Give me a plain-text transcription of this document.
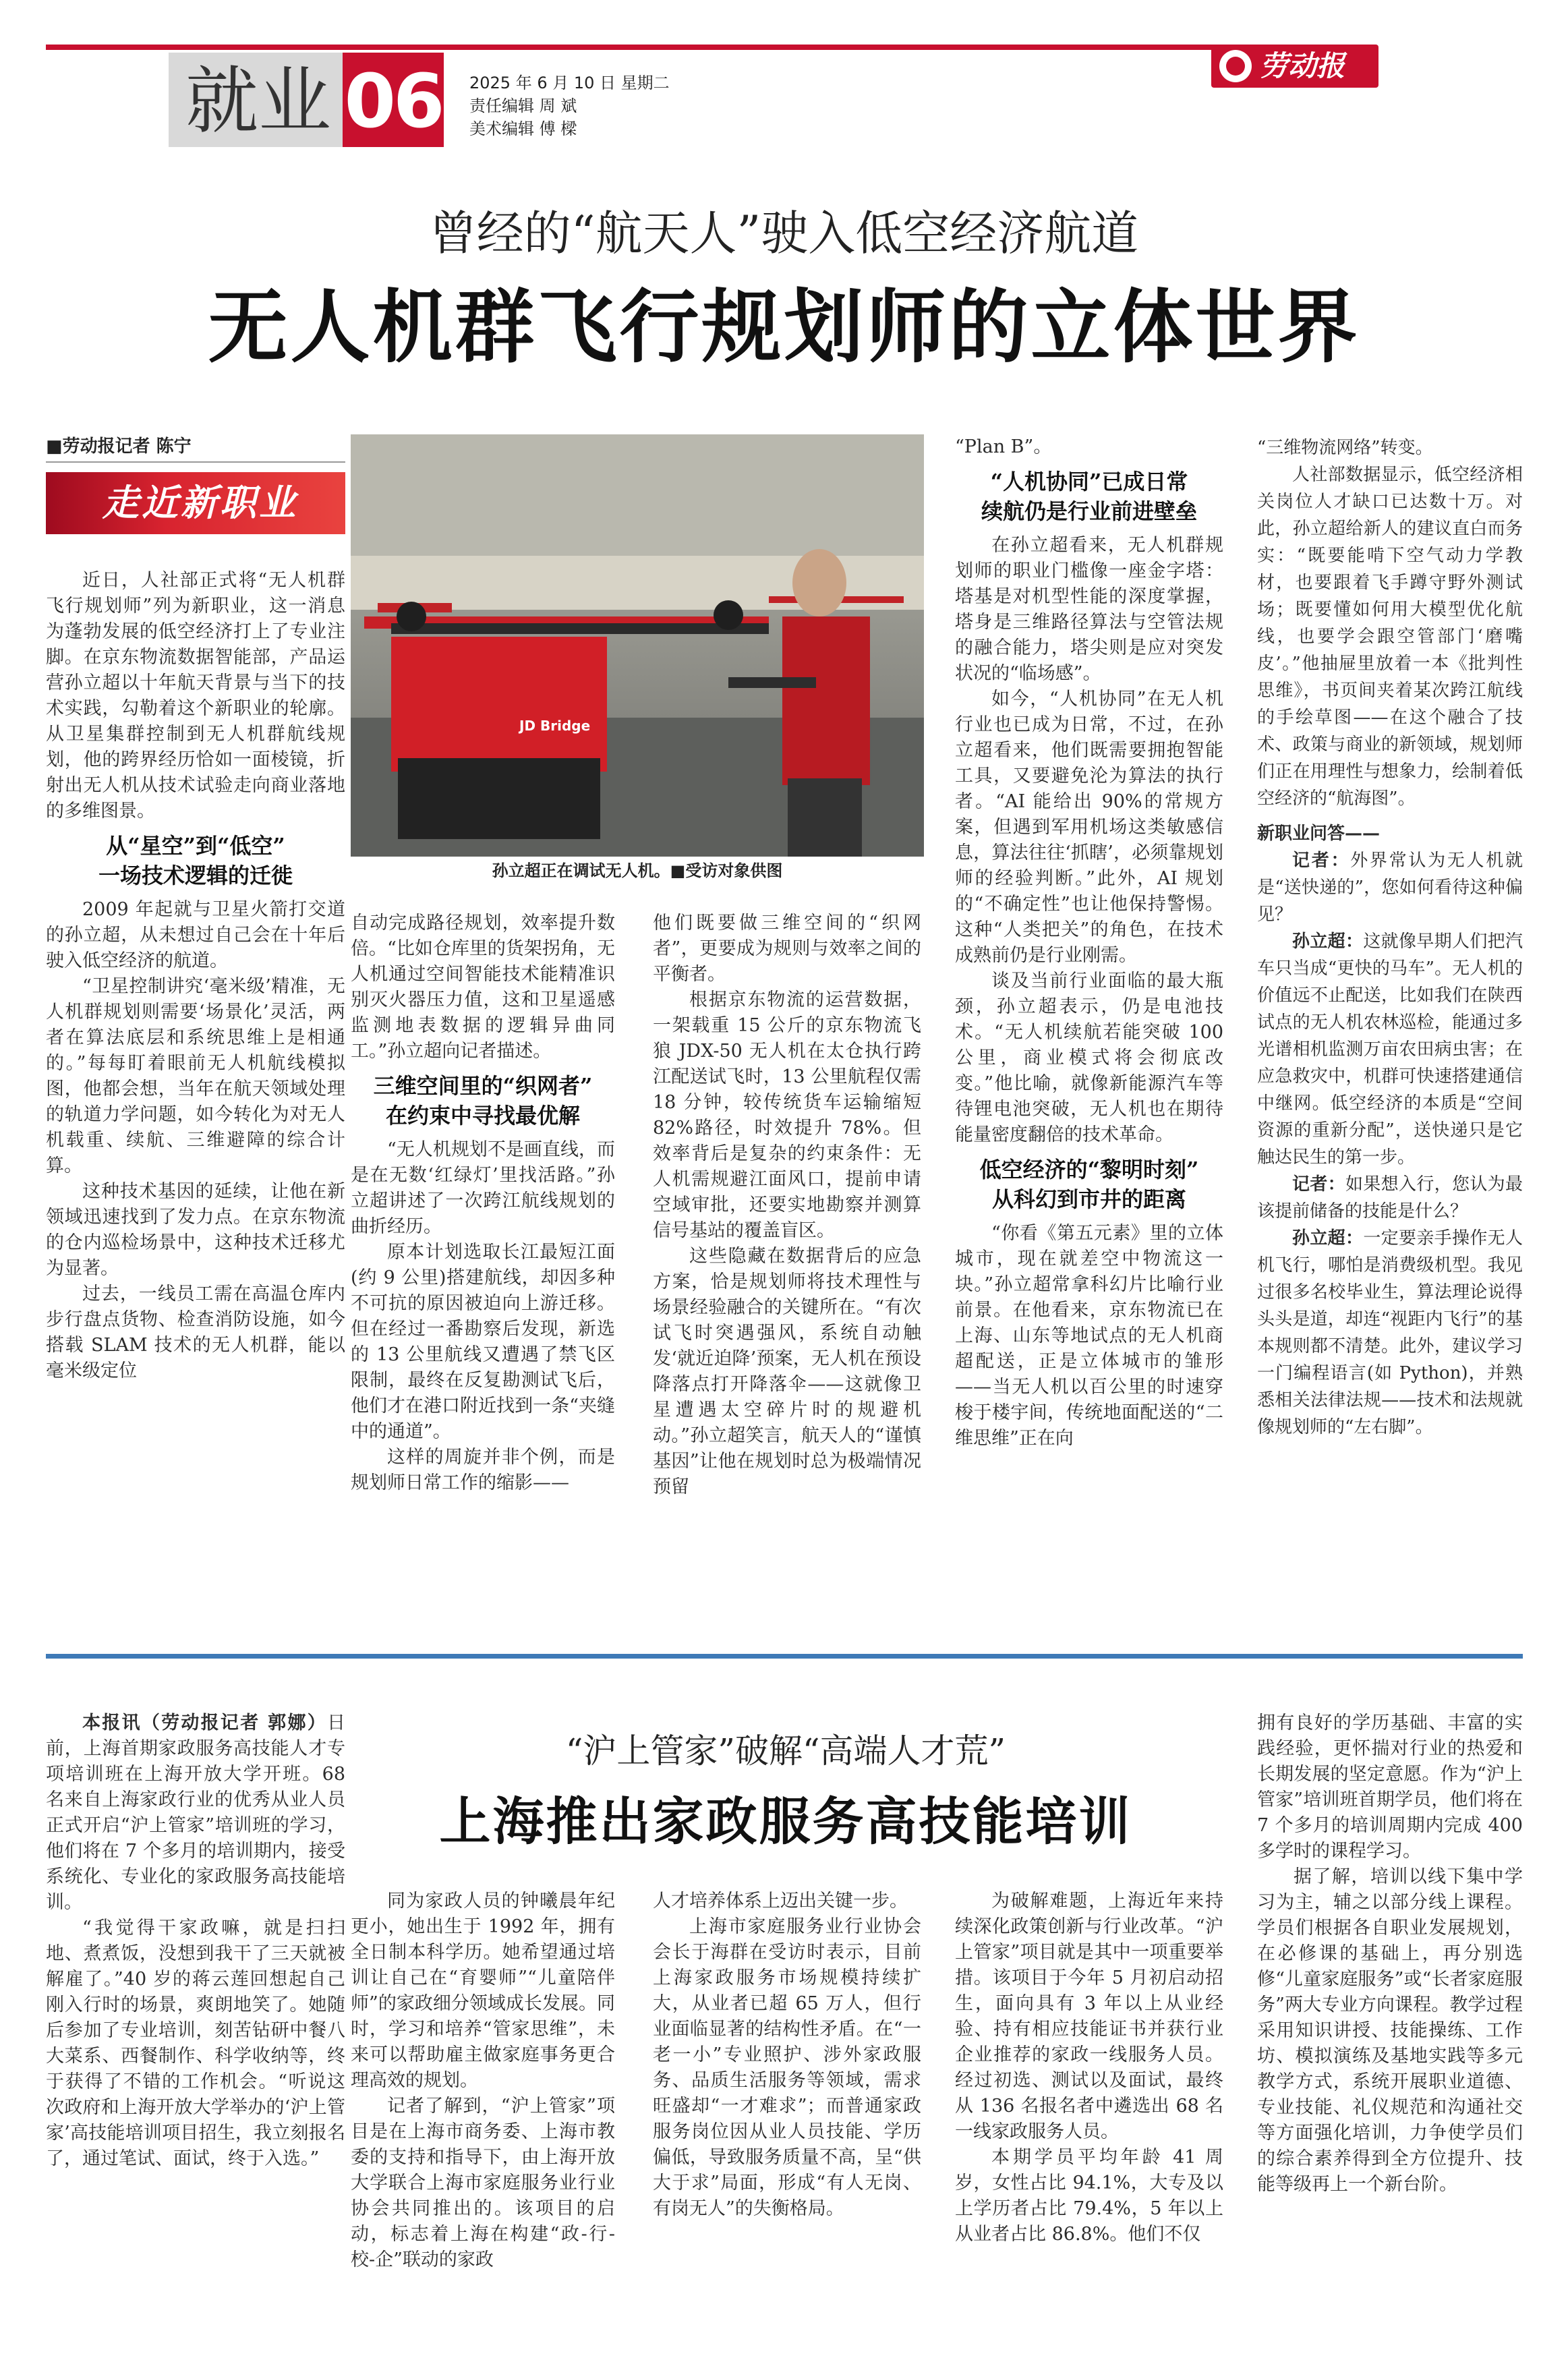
就业 06 2025 年 6 月 10 日 星期二
责任编辑 周 斌
美术编辑 傅 樑
劳动报
曾经的“航天人”驶入低空经济航道
无人机群飞行规划师的立体世界
■劳动报记者 陈宁
走近新职业
JD Bridge
孙立超正在调试无人机。■受访对象供图

近日，人社部正式将“无人机群飞行规划师”列为新职业，这一消息为蓬勃发展的低空经济打上了专业注脚。在京东物流数据智能部，产品运营孙立超以十年航天背景与当下的技术实践，勾勒着这个新职业的轮廓。从卫星集群控制到无人机群航线规划，他的跨界经历恰如一面棱镜，折射出无人机从技术试验走向商业落地的多维图景。

从“星空”到“低空”
一场技术逻辑的迁徙

2009 年起就与卫星火箭打交道的孙立超，从未想过自己会在十年后驶入低空经济的航道。

“卫星控制讲究‘毫米级’精准，无人机群规划则需要‘场景化’灵活，两者在算法底层和系统思维上是相通的。”每每盯着眼前无人机航线模拟图，他都会想，当年在航天领域处理的轨道力学问题，如今转化为对无人机载重、续航、三维避障的综合计算。

这种技术基因的延续，让他在新领域迅速找到了发力点。在京东物流的仓内巡检场景中，这种技术迁移尤为显著。

过去，一线员工需在高温仓库内步行盘点货物、检查消防设施，如今搭载 SLAM 技术的无人机群，能以毫米级定位

自动完成路径规划，效率提升数倍。“比如仓库里的货架拐角，无人机通过空间智能技术能精准识别灭火器压力值，这和卫星遥感监测地表数据的逻辑异曲同工。”孙立超向记者描述。

三维空间里的“织网者”
在约束中寻找最优解

“无人机规划不是画直线，而是在无数‘红绿灯’里找活路。”孙立超讲述了一次跨江航线规划的曲折经历。

原本计划选取长江最短江面(约 9 公里)搭建航线，却因多种不可抗的原因被迫向上游迁移。但在经过一番勘察后发现，新选的 13 公里航线又遭遇了禁飞区限制，最终在反复勘测试飞后，他们才在港口附近找到一条“夹缝中的通道”。

这样的周旋并非个例，而是规划师日常工作的缩影——

他们既要做三维空间的“织网者”，更要成为规则与效率之间的平衡者。

根据京东物流的运营数据，一架载重 15 公斤的京东物流飞狼 JDX-50 无人机在太仓执行跨江配送试飞时，13 公里航程仅需 18 分钟，较传统货车运输缩短 82%路径，时效提升 78%。但效率背后是复杂的约束条件：无人机需规避江面风口，提前申请空域审批，还要实地勘察并测算信号基站的覆盖盲区。

这些隐藏在数据背后的应急方案，恰是规划师将技术理性与场景经验融合的关键所在。“有次试飞时突遇强风，系统自动触发‘就近迫降’预案，无人机在预设降落点打开降落伞——这就像卫星遭遇太空碎片时的规避机动。”孙立超笑言，航天人的“谨慎基因”让他在规划时总为极端情况预留

“Plan B”。

“人机协同”已成日常
续航仍是行业前进壁垒

在孙立超看来，无人机群规划师的职业门槛像一座金字塔：塔基是对机型性能的深度掌握，塔身是三维路径算法与空管法规的融合能力，塔尖则是应对突发状况的“临场感”。

如今，“人机协同”在无人机行业也已成为日常，不过，在孙立超看来，他们既需要拥抱智能工具，又要避免沦为算法的执行者。“AI 能给出 90%的常规方案，但遇到军用机场这类敏感信息，算法往往‘抓瞎’，必须靠规划师的经验判断。”此外，AI 规划的“不确定性”也让他保持警惕。这种“人类把关”的角色，在技术成熟前仍是行业刚需。

谈及当前行业面临的最大瓶颈，孙立超表示，仍是电池技术。“无人机续航若能突破 100 公里，商业模式将会彻底改变。”他比喻，就像新能源汽车等待锂电池突破，无人机也在期待能量密度翻倍的技术革命。

低空经济的“黎明时刻”
从科幻到市井的距离

“你看《第五元素》里的立体城市，现在就差空中物流这一块。”孙立超常拿科幻片比喻行业前景。在他看来，京东物流已在上海、山东等地试点的无人机商超配送，正是立体城市的雏形——当无人机以百公里的时速穿梭于楼宇间，传统地面配送的“二维思维”正在向

“三维物流网络”转变。

人社部数据显示，低空经济相关岗位人才缺口已达数十万。对此，孙立超给新人的建议直白而务实：“既要能啃下空气动力学教材，也要跟着飞手蹲守野外测试场；既要懂如何用大模型优化航线，也要学会跟空管部门‘磨嘴皮’。”他抽屉里放着一本《批判性思维》，书页间夹着某次跨江航线的手绘草图——在这个融合了技术、政策与商业的新领域，规划师们正在用理性与想象力，绘制着低空经济的“航海图”。

新职业问答——

记者：外界常认为无人机就是“送快递的”，您如何看待这种偏见？

孙立超：这就像早期人们把汽车只当成“更快的马车”。无人机的价值远不止配送，比如我们在陕西试点的无人机农林巡检，能通过多光谱相机监测万亩农田病虫害；在应急救灾中，机群可快速搭建通信中继网。低空经济的本质是“空间资源的重新分配”，送快递只是它触达民生的第一步。

记者：如果想入行，您认为最该提前储备的技能是什么？

孙立超：一定要亲手操作无人机飞行，哪怕是消费级机型。我见过很多名校毕业生，算法理论说得头头是道，却连“视距内飞行”的基本规则都不清楚。此外，建议学习一门编程语言(如 Python)，并熟悉相关法律法规——技术和法规就像规划师的“左右脚”。

“沪上管家”破解“高端人才荒”
上海推出家政服务高技能培训

本报讯（劳动报记者 郭娜）日前，上海首期家政服务高技能人才专项培训班在上海开放大学开班。68 名来自上海家政行业的优秀从业人员正式开启“沪上管家”培训班的学习，他们将在 7 个多月的培训期内，接受系统化、专业化的家政服务高技能培训。

“我觉得干家政嘛，就是扫扫地、煮煮饭，没想到我干了三天就被解雇了。”40 岁的蒋云莲回想起自己刚入行时的场景，爽朗地笑了。她随后参加了专业培训，刻苦钻研中餐八大菜系、西餐制作、科学收纳等，终于获得了不错的工作机会。“听说这次政府和上海开放大学举办的‘沪上管家’高技能培训项目招生，我立刻报名了，通过笔试、面试，终于入选。”

同为家政人员的钟曦晨年纪更小，她出生于 1992 年，拥有全日制本科学历。她希望通过培训让自己在“育婴师”“儿童陪伴师”的家政细分领域成长发展。同时，学习和培养“管家思维”，未来可以帮助雇主做家庭事务更合理高效的规划。

记者了解到，“沪上管家”项目是在上海市商务委、上海市教委的支持和指导下，由上海开放大学联合上海市家庭服务业行业协会共同推出的。该项目的启动，标志着上海在构建“政-行-校-企”联动的家政

人才培养体系上迈出关键一步。

上海市家庭服务业行业协会会长于海群在受访时表示，目前上海家政服务市场规模持续扩大，从业者已超 65 万人，但行业面临显著的结构性矛盾。在“一老一小”专业照护、涉外家政服务、品质生活服务等领域，需求旺盛却“一才难求”；而普通家政服务岗位因从业人员技能、学历偏低，导致服务质量不高，呈“供大于求”局面，形成“有人无岗、有岗无人”的失衡格局。

为破解难题，上海近年来持续深化政策创新与行业改革。“沪上管家”项目就是其中一项重要举措。该项目于今年 5 月初启动招生，面向具有 3 年以上从业经验、持有相应技能证书并获行业企业推荐的家政一线服务人员。经过初选、测试以及面试，最终从 136 名报名者中遴选出 68 名一线家政服务人员。

本期学员平均年龄 41 周岁，女性占比 94.1%，大专及以上学历者占比 79.4%，5 年以上从业者占比 86.8%。他们不仅

拥有良好的学历基础、丰富的实践经验，更怀揣对行业的热爱和长期发展的坚定意愿。作为“沪上管家”培训班首期学员，他们将在 7 个多月的培训周期内完成 400 多学时的课程学习。

据了解，培训以线下集中学习为主，辅之以部分线上课程。学员们根据各自职业发展规划，在必修课的基础上，再分别选修“儿童家庭服务”或“长者家庭服务”两大专业方向课程。教学过程采用知识讲授、技能操练、工作坊、模拟演练及基地实践等多元教学方式，系统开展职业道德、专业技能、礼仪规范和沟通社交等方面强化培训，力争使学员们的综合素养得到全方位提升、技能等级再上一个新台阶。
